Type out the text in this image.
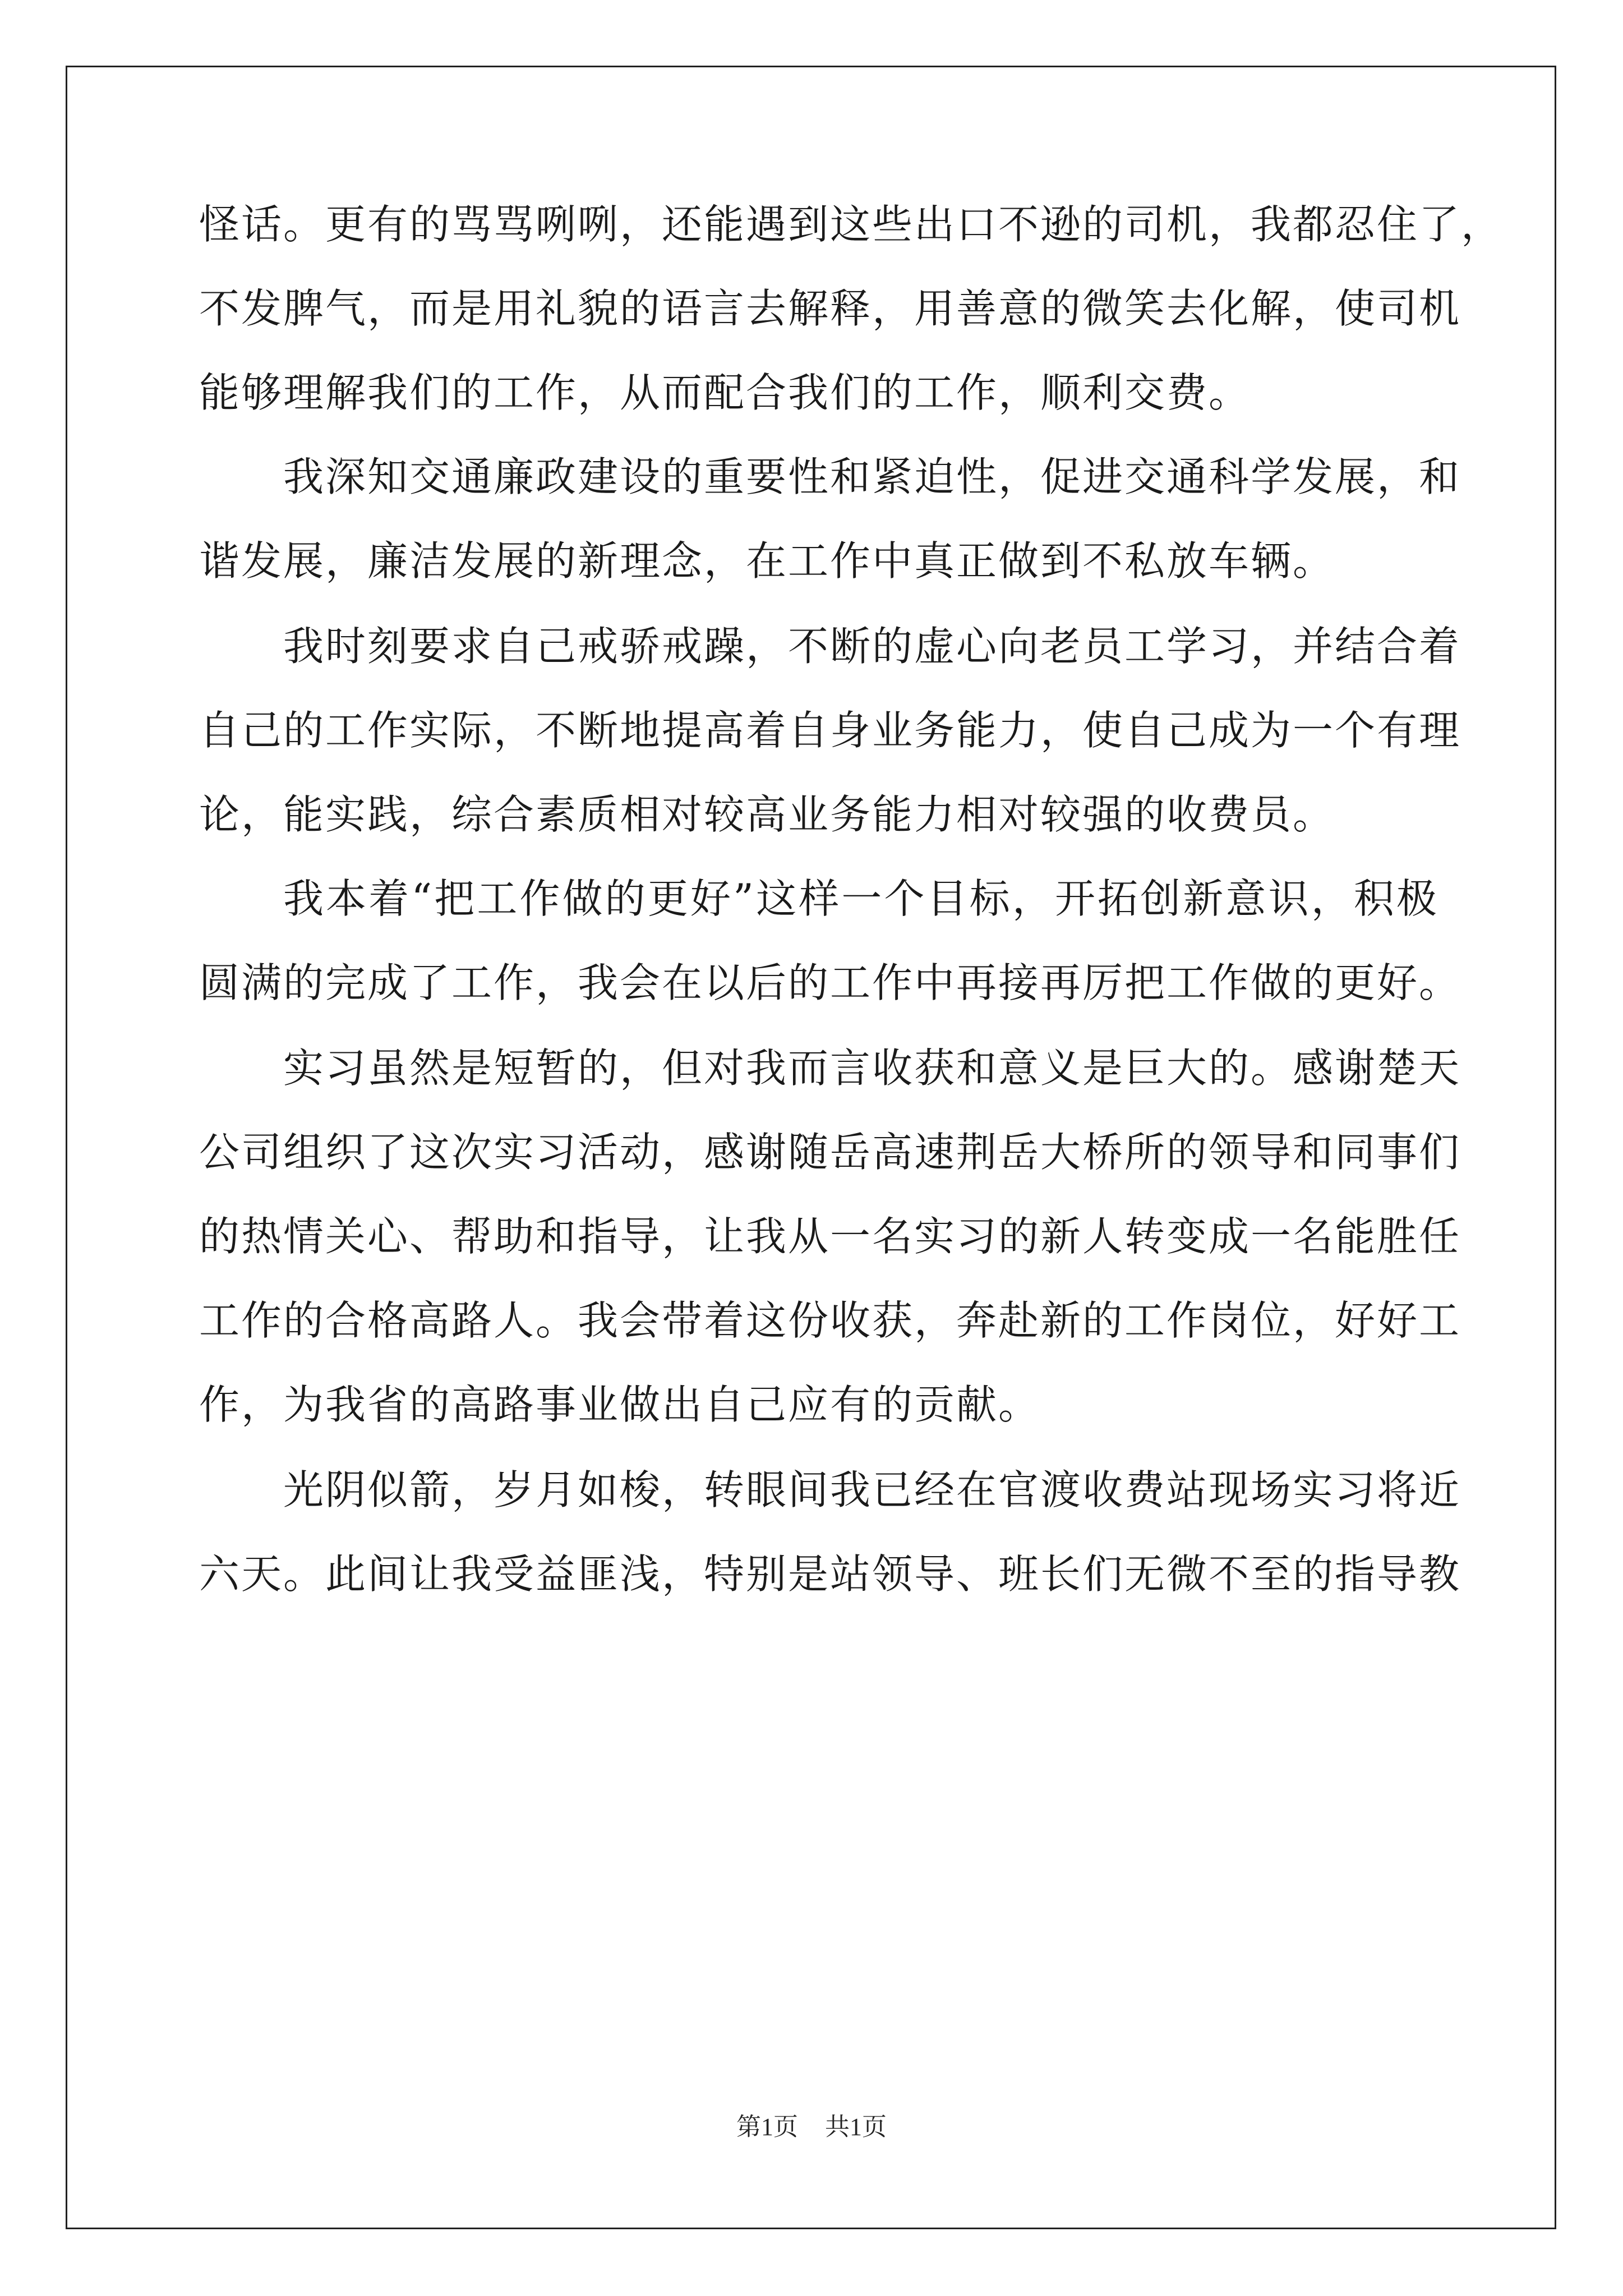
怪话。更有的骂骂咧咧，还能遇到这些出口不逊的司机，我都忍住了，
不发脾气，而是用礼貌的语言去解释，用善意的微笑去化解，使司机
能够理解我们的工作，从而配合我们的工作，顺利交费。
我深知交通廉政建设的重要性和紧迫性，促进交通科学发展，和
谐发展，廉洁发展的新理念，在工作中真正做到不私放车辆。
我时刻要求自己戒骄戒躁，不断的虚心向老员工学习，并结合着
自己的工作实际，不断地提高着自身业务能力，使自己成为一个有理
论，能实践，综合素质相对较高业务能力相对较强的收费员。
我本着“把工作做的更好”这样一个目标，开拓创新意识，积极
圆满的完成了工作，我会在以后的工作中再接再厉把工作做的更好。
实习虽然是短暂的，但对我而言收获和意义是巨大的。感谢楚天
公司组织了这次实习活动，感谢随岳高速荆岳大桥所的领导和同事们
的热情关心、帮助和指导，让我从一名实习的新人转变成一名能胜任
工作的合格高路人。我会带着这份收获，奔赴新的工作岗位，好好工
作，为我省的高路事业做出自己应有的贡献。
光阴似箭，岁月如梭，转眼间我已经在官渡收费站现场实习将近
六天。此间让我受益匪浅，特别是站领导、班长们无微不至的指导教
第1页 共1页
